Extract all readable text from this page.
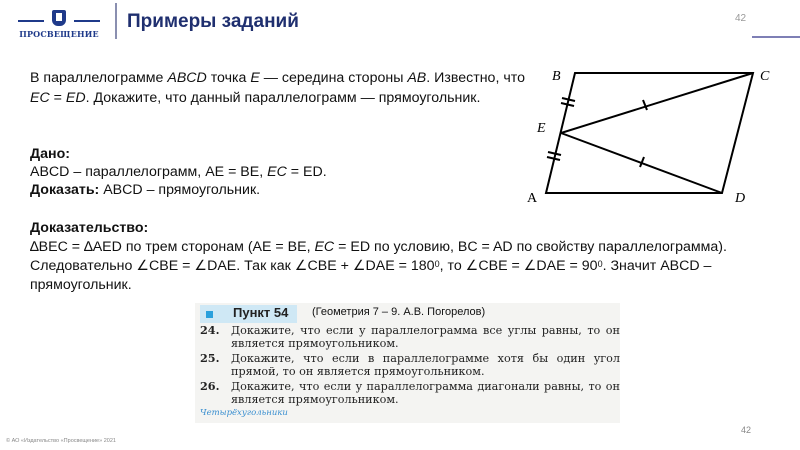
ПРОСВЕЩЕНИЕ
Примеры заданий	42
В параллелограмме ABCD точка E — середина стороны AB. Известно, что EC = ED. Докажите, что данный параллелограмм — прямоугольник.
Дано:
ABCD – параллелограмм, AE = BE, EC = ED.
Доказать: ABCD – прямоугольник.
Доказательство:
∆BEC = ∆AED по трем сторонам (AE = BE, EC = ED по условию, BC = AD по свойству параллелограмма).
Следовательно ∠CBE = ∠DAE. Так как ∠CBE + ∠DAE = $180^0$, то ∠CBE = ∠DAE = $90^0$. Значит ABCD – прямоугольник.
B	C
E
A	D
Пункт 54 (Геометрия 7 – 9. А.В. Погорелов)
24.	Докажите, что если у параллелограмма все углы равны, то он является прямоугольником.
25.	Докажите, что если в параллелограмме хотя бы один угол прямой, то он является прямоугольником.
26.	Докажите, что если у параллелограмма диагонали равны, то он является прямоугольником.
Четырёхугольники
© АО «Издательство «Просвещение» 2021
42
